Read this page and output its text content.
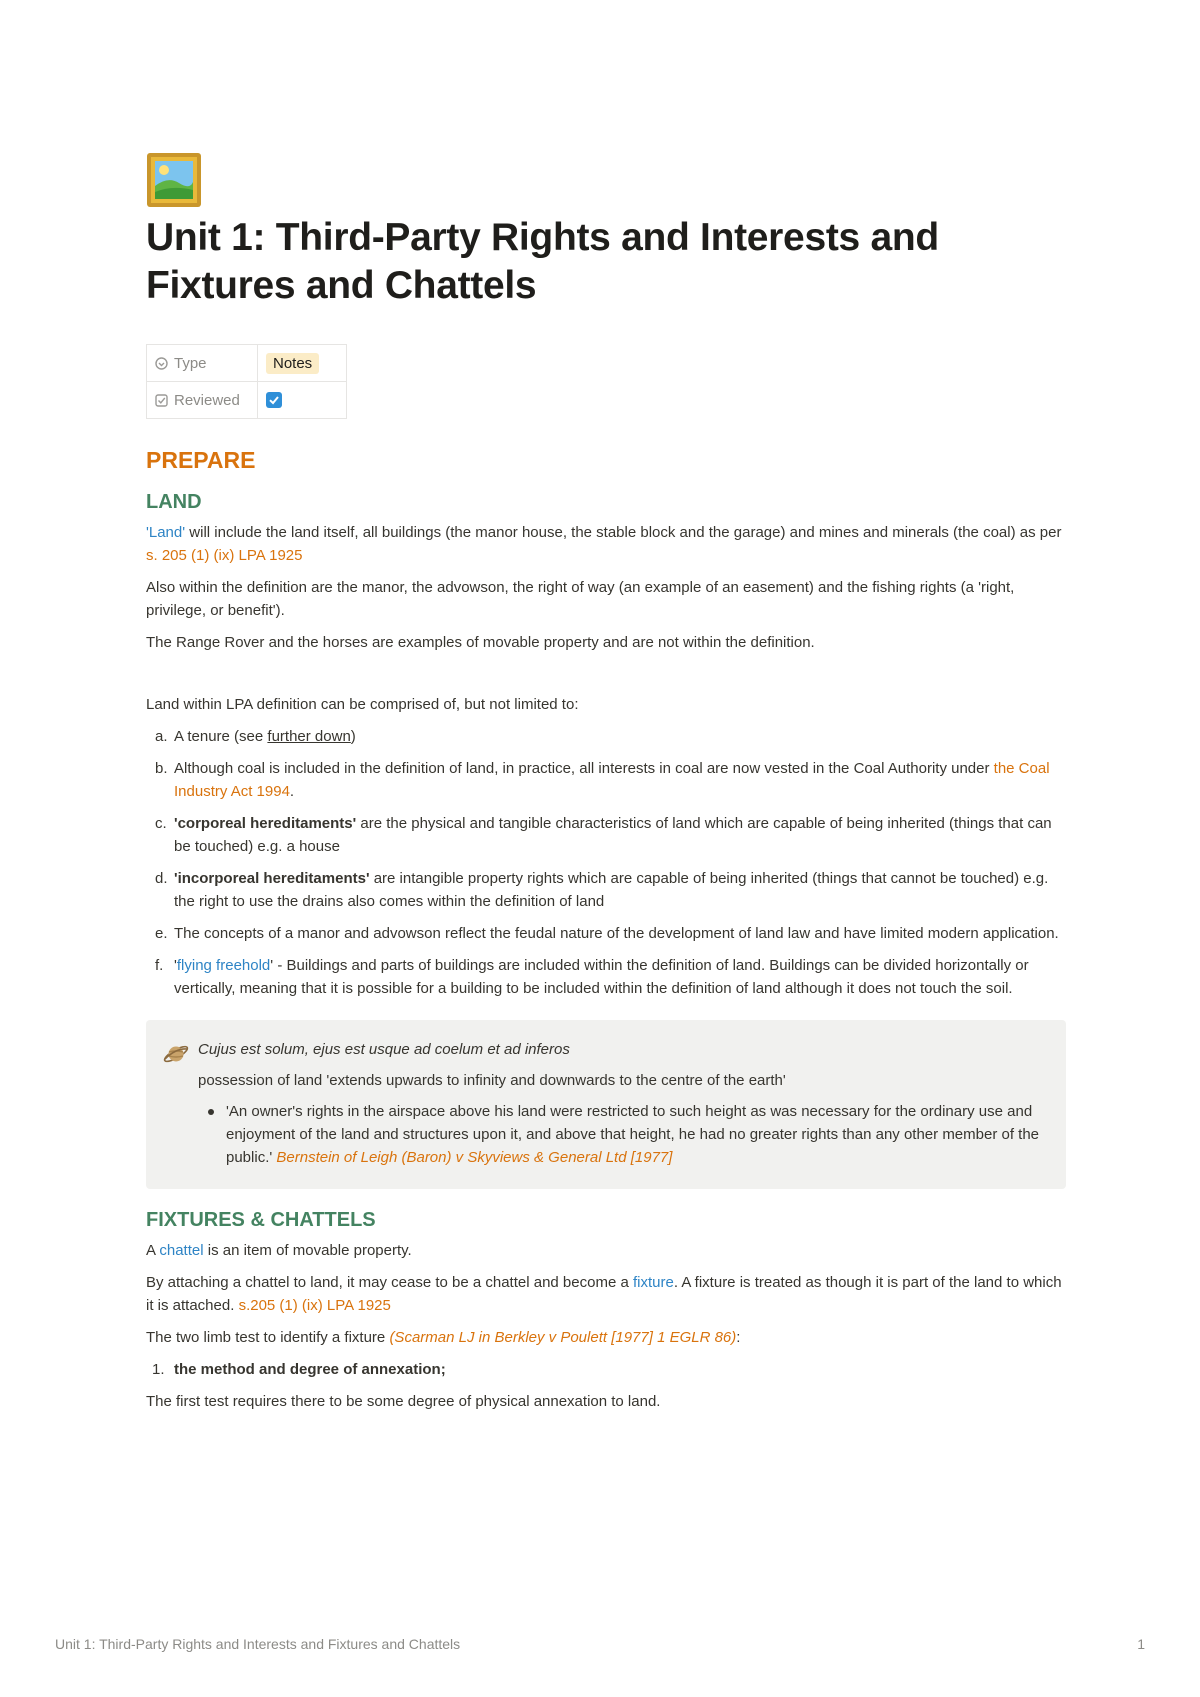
Unit 1: Third-Party Rights and Interests and Fixtures and Chattels
Type	Notes
Reviewed	
PREPARE
LAND

'Land' will include the land itself, all buildings (the manor house, the stable block and the garage) and mines and minerals (the coal) as per s. 205 (1) (ix) LPA 1925

Also within the definition are the manor, the advowson, the right of way (an example of an easement) and the fishing rights (a 'right, privilege, or benefit').

The Range Rover and the horses are examples of movable property and are not within the definition.

Land within LPA definition can be comprised of, but not limited to:

a. A tenure (see further down)
b. Although coal is included in the definition of land, in practice, all interests in coal are now vested in the Coal Authority under the Coal Industry Act 1994.
c. 'corporeal hereditaments' are the physical and tangible characteristics of land which are capable of being inherited (things that can be touched) e.g. a house
d. 'incorporeal hereditaments' are intangible property rights which are capable of being inherited (things that cannot be touched) e.g. the right to use the drains also comes within the definition of land
e. The concepts of a manor and advowson reflect the feudal nature of the development of land law and have limited modern application.
f. 'flying freehold' - Buildings and parts of buildings are included within the definition of land. Buildings can be divided horizontally or vertically, meaning that it is possible for a building to be included within the definition of land although it does not touch the soil.

Cujus est solum, ejus est usque ad coelum et ad inferos

possession of land 'extends upwards to infinity and downwards to the centre of the earth'

'An owner's rights in the airspace above his land were restricted to such height as was necessary for the ordinary use and enjoyment of the land and structures upon it, and above that height, he had no greater rights than any other member of the public.' Bernstein of Leigh (Baron) v Skyviews & General Ltd [1977]
FIXTURES & CHATTELS

A chattel is an item of movable property.

By attaching a chattel to land, it may cease to be a chattel and become a fixture. A fixture is treated as though it is part of the land to which it is attached. s.205 (1) (ix) LPA 1925

The two limb test to identify a fixture (Scarman LJ in Berkley v Poulett [1977] 1 EGLR 86):

1. the method and degree of annexation;

The first test requires there to be some degree of physical annexation to land.

Unit 1: Third-Party Rights and Interests and Fixtures and Chattels	1
